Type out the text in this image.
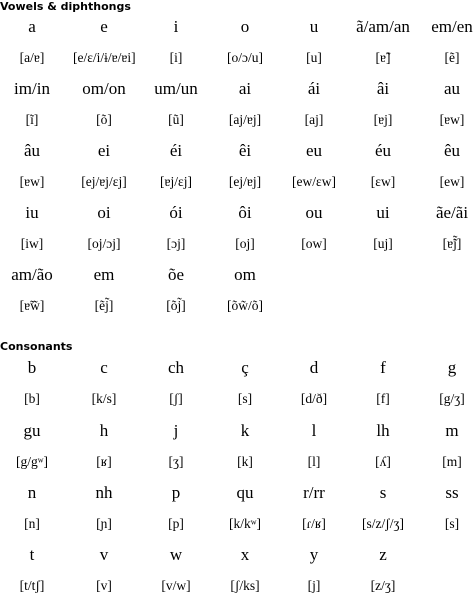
Vowels & diphthongs
a	e	i	o	u	ã/am/an	em/en
[a/ɐ]	[e/ɛ/i/ɨ/ɐ/ɐi]	[i]	[o/ɔ/u]	[u]	[ɐ̃]	[ẽ]
im/in	om/on	um/un	ai	ái	âi	au
[ĩ]	[õ]	[ũ]	[aj/ɐj]	[aj]	[ɐj]	[ɐw]
âu	ei	éi	êi	eu	éu	êu
[ɐw]	[ej/ɐj/ɛj]	[ɐj/ɛj]	[ej/ɐj]	[ew/ɛw]	[ɛw]	[ew]
iu	oi	ói	ôi	ou	ui	ãe/ãi
[iw]	[oj/ɔj]	[ɔj]	[oj]	[ow]	[uj]	[ɐ̃j̃]
am/ão	em	õe	om
[ɐ̃w̃]	[ẽj̃]	[õj̃]	[õw̃/õ]
Consonants
b	c	ch	ç	d	f	g
[b]	[k/s]	[ʃ]	[s]	[d/ð]	[f]	[g/ʒ]
gu	h	j	k	l	lh	m
[g/gʷ]	[ʁ]	[ʒ]	[k]	[l]	[ʎ]	[m]
n	nh	p	qu	r/rr	s	ss
[n]	[ɲ]	[p]	[k/kʷ]	[ɾ/ʁ]	[s/z/ʃ/ʒ]	[s]
t	v	w	x	y	z
[t/tʃ]	[v]	[v/w]	[ʃ/ks]	[j]	[z/ʒ]
